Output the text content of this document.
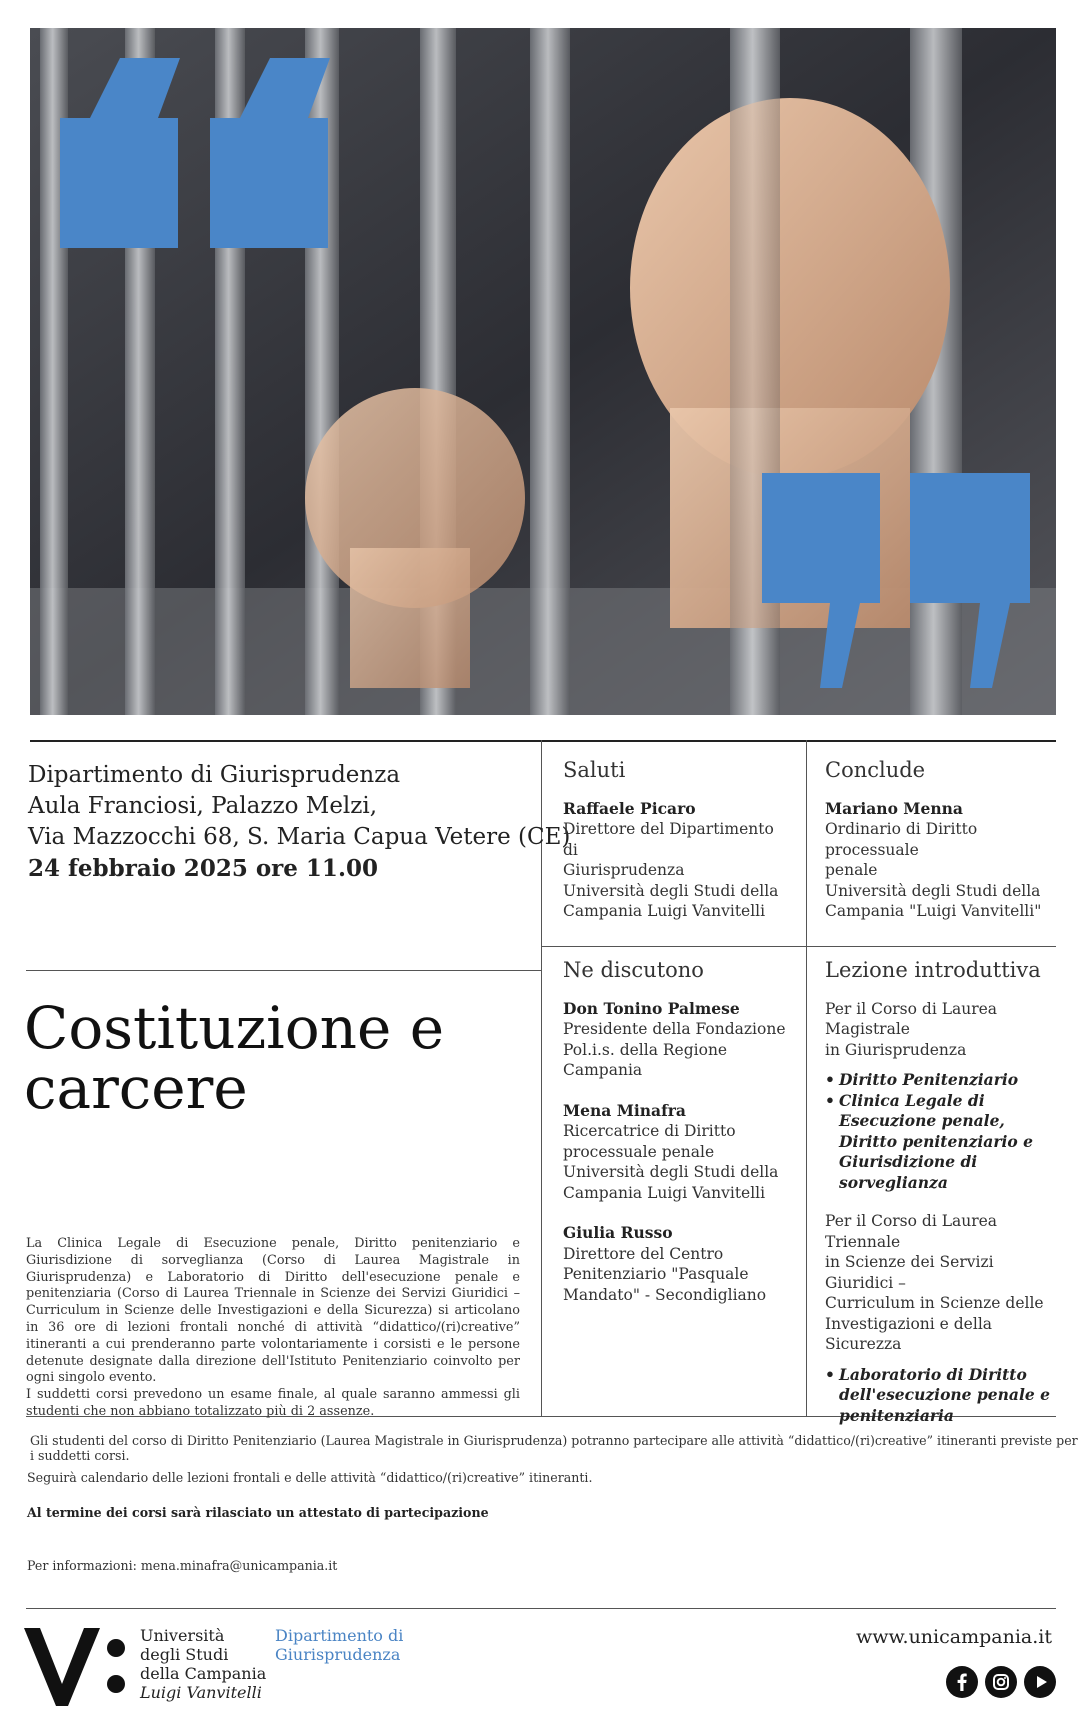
Dipartimento di Giurisprudenza
Aula Franciosi, Palazzo Melzi,
Via Mazzocchi 68, S. Maria Capua Vetere (CE)
24 febbraio 2025 ore 11.00
Saluti
Raffaele Picaro
Direttore del Dipartimento di
Giurisprudenza
Università degli Studi della
Campania Luigi Vanvitelli
Conclude
Mariano Menna
Ordinario di Diritto processuale
penale
Università degli Studi della
Campania "Luigi Vanvitelli"
Ne discutono
Don Tonino Palmese
Presidente della Fondazione
Pol.i.s. della Regione Campania
Mena Minafra
Ricercatrice di Diritto
processuale penale
Università degli Studi della
Campania Luigi Vanvitelli
Giulia Russo
Direttore del Centro
Penitenziario "Pasquale
Mandato" - Secondigliano
Lezione introduttiva
Per il Corso di Laurea Magistrale
in Giurisprudenza
• Diritto Penitenziario
• Clinica Legale di Esecuzione penale, Diritto penitenziario e Giurisdizione di sorveglianza
Per il Corso di Laurea Triennale
in Scienze dei Servizi Giuridici –
Curriculum in Scienze delle
Investigazioni e della Sicurezza
• Laboratorio di Diritto dell'esecuzione penale e penitenziaria
Costituzione e
carcere

La Clinica Legale di Esecuzione penale, Diritto penitenziario e Giurisdizione di sorveglianza (Corso di Laurea Magistrale in Giurisprudenza) e Laboratorio di Diritto dell'esecuzione penale e penitenziaria (Corso di Laurea Triennale in Scienze dei Servizi Giuridici – Curriculum in Scienze delle Investigazioni e della Sicurezza) si articolano in 36 ore di lezioni frontali nonché di attività “didattico/(ri)creative” itineranti a cui prenderanno parte volontariamente i corsisti e le persone detenute designate dalla direzione dell'Istituto Penitenziario coinvolto per ogni singolo evento.

I suddetti corsi prevedono un esame finale, al quale saranno ammessi gli studenti che non abbiano totalizzato più di 2 assenze.

Gli studenti del corso di Diritto Penitenziario (Laurea Magistrale in Giurisprudenza) potranno partecipare alle attività “didattico/(ri)creative” itineranti previste per i suddetti corsi.
Seguirà calendario delle lezioni frontali e delle attività “didattico/(ri)creative” itineranti.
Al termine dei corsi sarà rilasciato un attestato di partecipazione
Per informazioni: mena.minafra@unicampania.it
Università
degli Studi
della Campania
Luigi Vanvitelli
Dipartimento di
Giurisprudenza
www.unicampania.it
